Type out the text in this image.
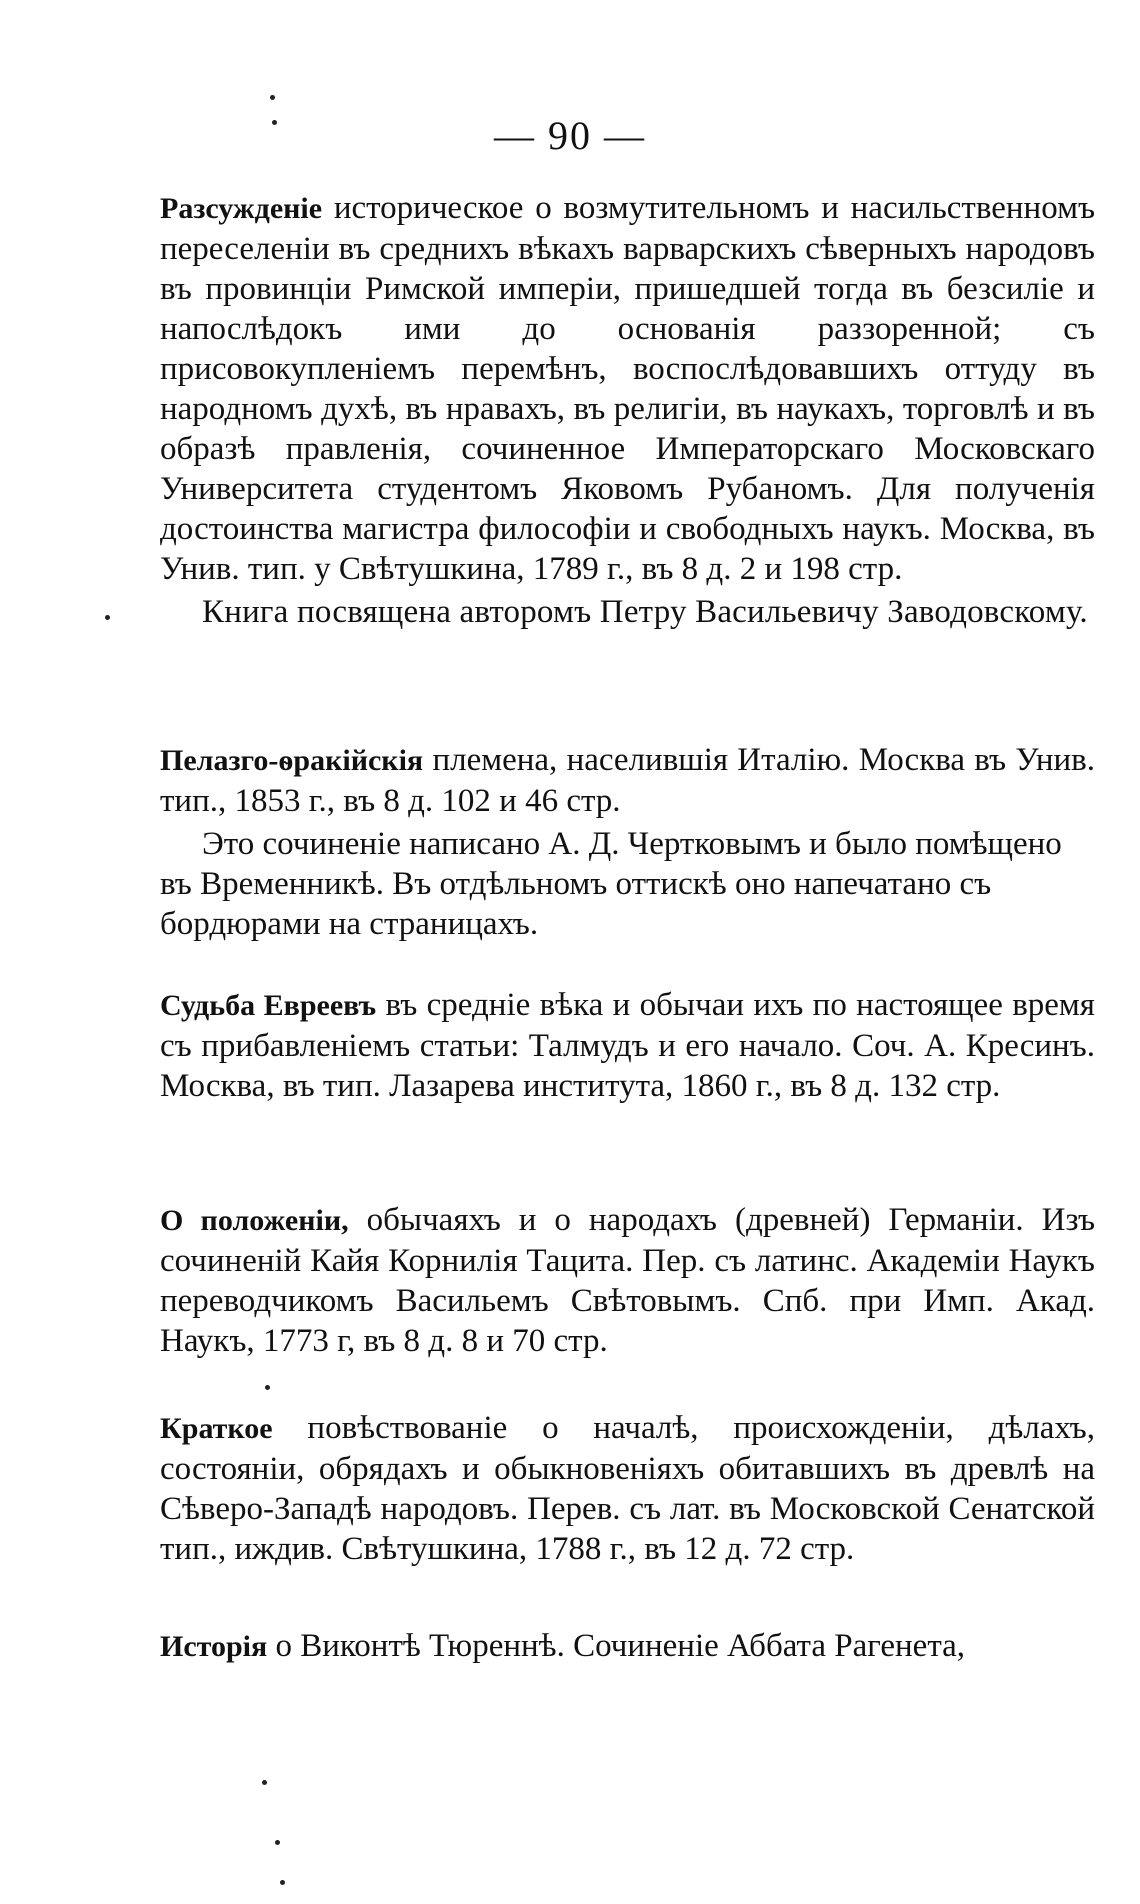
— 90 —

Разсужденіе историческое о возмутительномъ и насильственномъ переселеніи въ среднихъ вѣкахъ варварскихъ сѣверныхъ народовъ въ провинціи Римской имперіи, пришедшей тогда въ безсиліе и напослѣдокъ ими до основанія раззоренной; съ присовокупленіемъ перемѣнъ, воспослѣдовавшихъ оттуду въ народномъ духѣ, въ нравахъ, въ религіи, въ наукахъ, торговлѣ и въ образѣ правленія, сочиненное Императорскаго Московскаго Университета студентомъ Яковомъ Рубаномъ. Для полученія достоинства магистра философіи и свободныхъ наукъ. Москва, въ Унив. тип. у Свѣтушкина, 1789 г., въ 8 д. 2 и 198 стр.

Книга посвящена авторомъ Петру Васильевичу Заводовскому.

Пелазго-ѳракійскія племена, населившія Италію. Москва въ Унив. тип., 1853 г., въ 8 д. 102 и 46 стр.

Это сочиненіе написано А. Д. Чертковымъ и было помѣщено въ Временникѣ. Въ отдѣльномъ оттискѣ оно напечатано съ бордюрами на страницахъ.

Судьба Евреевъ въ средніе вѣка и обычаи ихъ по настоящее время съ прибавленіемъ статьи: Талмудъ и его начало. Соч. А. Кресинъ. Москва, въ тип. Лазарева института, 1860 г., въ 8 д. 132 стр.

О положеніи, обычаяхъ и о народахъ (древней) Германіи. Изъ сочиненій Кайя Корнилія Тацита. Пер. съ латинс. Академіи Наукъ переводчикомъ Васильемъ Свѣтовымъ. Спб. при Имп. Акад. Наукъ, 1773 г, въ 8 д. 8 и 70 стр.

Краткое повѣствованіе о началѣ, происхожденіи, дѣлахъ, состояніи, обрядахъ и обыкновеніяхъ обитавшихъ въ древлѣ на Сѣверо-Западѣ народовъ. Перев. съ лат. въ Московской Сенатской тип., иждив. Свѣтушкина, 1788 г., въ 12 д. 72 стр.

Исторія о Виконтѣ Тюреннѣ. Сочиненіе Аббата Рагенета,
